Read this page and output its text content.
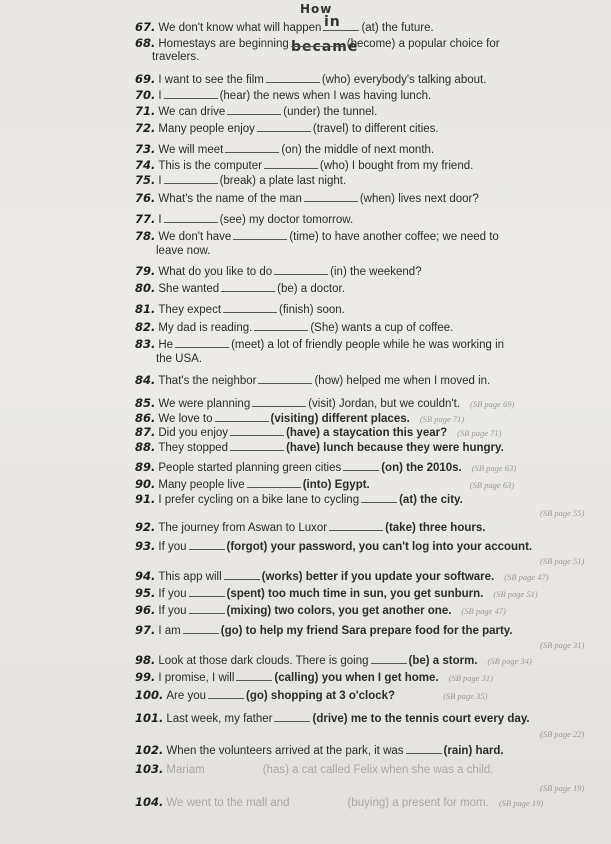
How
in
became
67. We don't know what will happen	(at) the future.
68. Homestays are beginning	(become) a popular choice for
travelers.
69. I want to see the film	(who) everybody's talking about.
70. I	(hear) the news when I was having lunch.
71. We can drive	(under) the tunnel.
72. Many people enjoy	(travel) to different cities.
73. We will meet	(on) the middle of next month.
74. This is the computer	(who) I bought from my friend.
75. I	(break) a plate last night.
76. What's the name of the man	(when) lives next door?
77. I	(see) my doctor tomorrow.
78. We don't have	(time) to have another coffee; we need to
leave now.
79. What do you like to do	(in) the weekend?
80. She wanted	(be) a doctor.
81. They expect	(finish) soon.
82. My dad is reading.	(She) wants a cup of coffee.
83. He	(meet) a lot of friendly people while he was working in
the USA.
84. That's the neighbor	(how) helped me when I moved in.
85. We were planning	(visit) Jordan, but we couldn't. (SB page 69)
86. We love to	(visiting) different places. (SB page 71)
87. Did you enjoy	(have) a staycation this year? (SB page 71)
88. They stopped	(have) lunch because they were hungry.
89. People started planning green cities	(on) the 2010s. (SB page 63)
90. Many people live	(into) Egypt.	(SB page 63)
91. I prefer cycling on a bike lane to cycling	(at) the city.
(SB page 55)
92. The journey from Aswan to Luxor	(take) three hours.
93. If you	(forgot) your password, you can't log into your account.
(SB page 51)
94. This app will	(works) better if you update your software. (SB page 47)
95. If you	(spent) too much time in sun, you get sunburn. (SB page 51)
96. If you	(mixing) two colors, you get another one. (SB page 47)
97. I am	(go) to help my friend Sara prepare food for the party.
(SB page 31)
98. Look at those dark clouds. There is going	(be) a storm. (SB page 34)
99. I promise, I will	(calling) you when I get home. (SB page 31)
100. Are you	(go) shopping at 3 o'clock?	(SB page 35)
101. Last week, my father	(drive) me to the tennis court every day.
(SB page 22)
102. When the volunteers arrived at the park, it was	(rain) hard.
103. Mariam	(has) a cat called Felix when she was a child.
(SB page 19)
104. We went to the mall and	(buying) a present for mom. (SB page 19)
